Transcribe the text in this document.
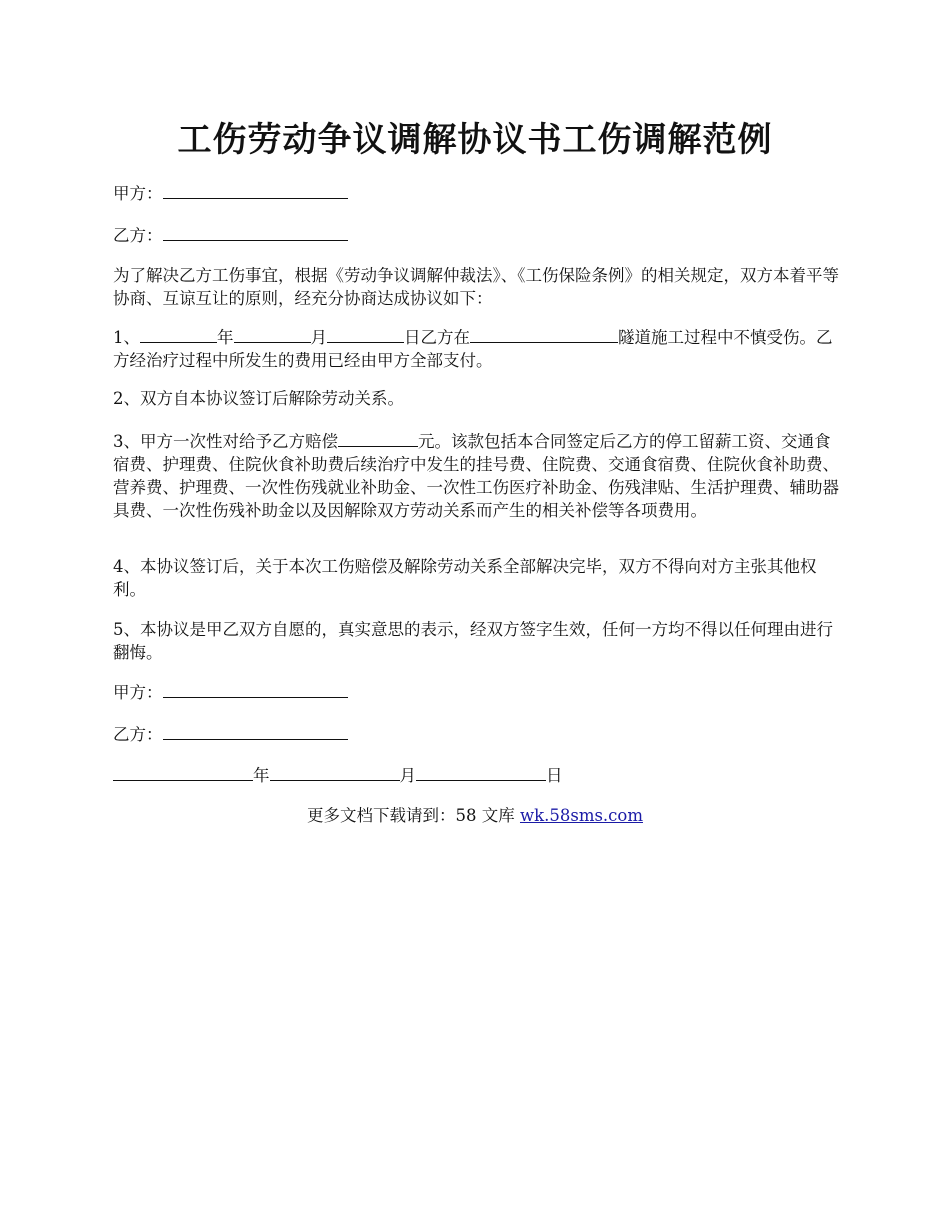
工伤劳动争议调解协议书工伤调解范例

甲方：

乙方：

为了解决乙方工伤事宜，根据《劳动争议调解仲裁法》、《工伤保险条例》的相关规定，双方本着平等协商、互谅互让的原则，经充分协商达成协议如下：

1、	年	月	日乙方在	隧道施工过程中不慎受伤。乙方经治疗过程中所发生的费用已经由甲方全部支付。

2、双方自本协议签订后解除劳动关系。

3、甲方一次性对给予乙方赔偿	元。该款包括本合同签定后乙方的停工留薪工资、交通食宿费、护理费、住院伙食补助费后续治疗中发生的挂号费、住院费、交通食宿费、住院伙食补助费、营养费、护理费、一次性伤残就业补助金、一次性工伤医疗补助金、伤残津贴、生活护理费、辅助器具费、一次性伤残补助金以及因解除双方劳动关系而产生的相关补偿等各项费用。

4、本协议签订后，关于本次工伤赔偿及解除劳动关系全部解决完毕，双方不得向对方主张其他权利。

5、本协议是甲乙双方自愿的，真实意思的表示，经双方签字生效，任何一方均不得以任何理由进行翻悔。

甲方：

乙方：

年	月	日

更多文档下载请到：58 文库 wk.58sms.com
